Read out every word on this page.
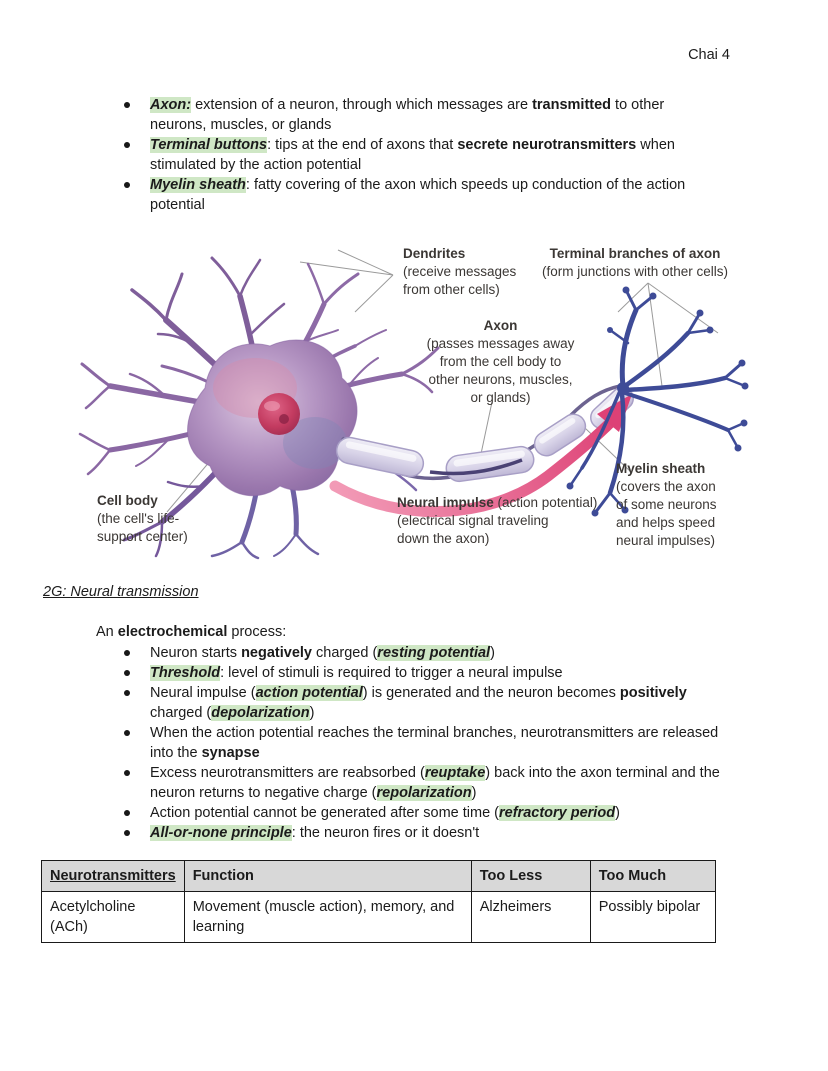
Chai 4
Axon: extension of a neuron, through which messages are transmitted to other
neurons, muscles, or glands
Terminal buttons: tips at the end of axons that secrete neurotransmitters when
stimulated by the action potential
Myelin sheath: fatty covering of the axon which speeds up conduction of the action
potential
Dendrites
(receive messages
from other cells)
Terminal branches of axon
(form junctions with other cells)
Axon
(passes messages away
from the cell body to
other neurons, muscles,
or glands)
Cell body
(the cell's life-
support center)
Neural impulse (action potential)
(electrical signal traveling
down the axon)
Myelin sheath
(covers the axon
of some neurons
and helps speed
neural impulses)
2G: Neural transmission
An electrochemical process:
Neuron starts negatively charged (resting potential)
Threshold: level of stimuli is required to trigger a neural impulse
Neural impulse (action potential) is generated and the neuron becomes positively
charged (depolarization)
When the action potential reaches the terminal branches, neurotransmitters are released
into the synapse
Excess neurotransmitters are reabsorbed (reuptake) back into the axon terminal and the
neuron returns to negative charge (repolarization)
Action potential cannot be generated after some time (refractory period)
All-or-none principle: the neuron fires or it doesn't
Neurotransmitters	Function	Too Less	Too Much
Acetylcholine (ACh)	Movement (muscle action), memory, and learning	Alzheimers	Possibly bipolar
